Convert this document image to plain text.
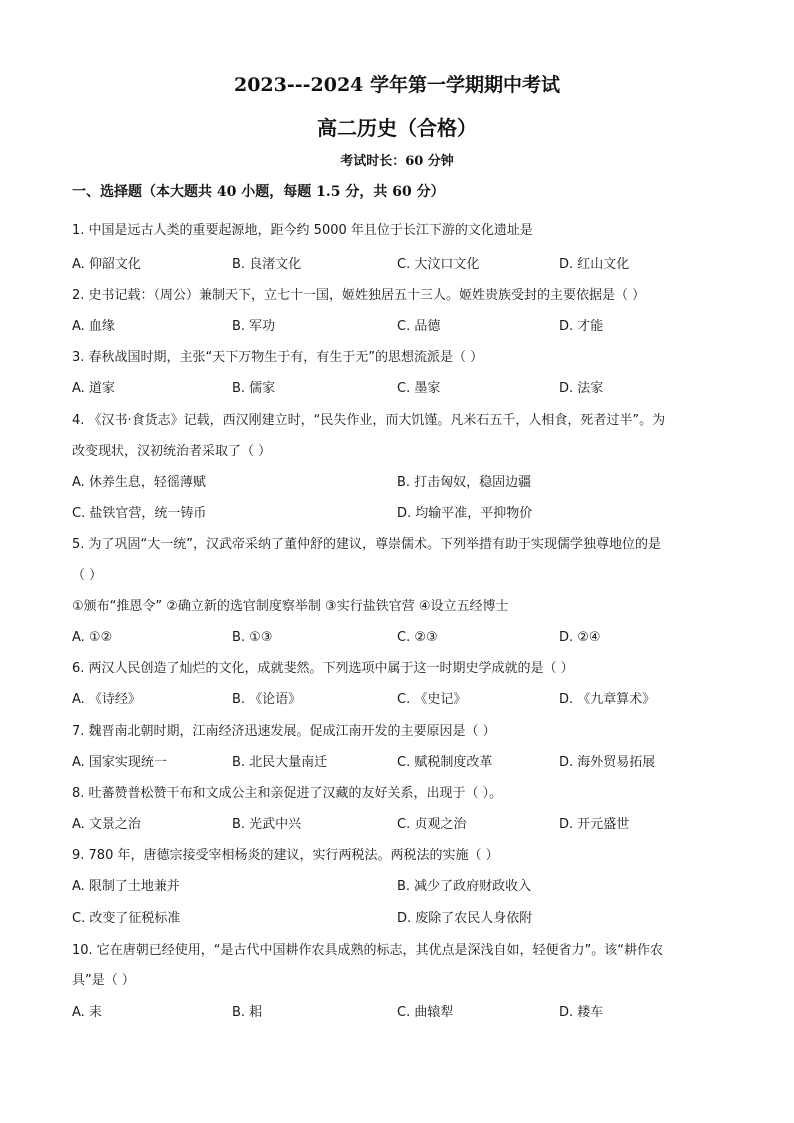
2023---2024 学年第一学期期中考试
高二历史（合格）
考试时长：60 分钟
一、选择题（本大题共 40 小题，每题 1.5 分，共 60 分）
1. 中国是远古人类的重要起源地，距今约 5000 年且位于长江下游的文化遗址是
A. 仰韶文化	B. 良渚文化	C. 大汶口文化	D. 红山文化
2. 史书记载：（周公）兼制天下，立七十一国，姬姓独居五十三人。姬姓贵族受封的主要依据是（ ）
A. 血缘	B. 军功	C. 品德	D. 才能
3. 春秋战国时期，主张“天下万物生于有，有生于无”的思想流派是（ ）
A. 道家	B. 儒家	C. 墨家	D. 法家
4. 《汉书·食货志》记载，西汉刚建立时，“民失作业，而大饥馑。凡米石五千，人相食，死者过半”。为
改变现状，汉初统治者采取了（ ）
A. 休养生息，轻徭薄赋	B. 打击匈奴，稳固边疆
C. 盐铁官营，统一铸币	D. 均输平准，平抑物价
5. 为了巩固“大一统”，汉武帝采纳了董仲舒的建议，尊崇儒术。下列举措有助于实现儒学独尊地位的是
（ ）
①颁布“推恩令” ②确立新的选官制度察举制 ③实行盐铁官营 ④设立五经博士
A. ①②	B. ①③	C. ②③	D. ②④
6. 两汉人民创造了灿烂的文化，成就斐然。下列选项中属于这一时期史学成就的是（ ）
A. 《诗经》	B. 《论语》	C. 《史记》	D. 《九章算术》
7. 魏晋南北朝时期，江南经济迅速发展。促成江南开发的主要原因是（ ）
A. 国家实现统一	B. 北民大量南迁	C. 赋税制度改革	D. 海外贸易拓展
8. 吐蕃赞普松赞干布和文成公主和亲促进了汉藏的友好关系，出现于（ ）。
A. 文景之治	B. 光武中兴	C. 贞观之治	D. 开元盛世
9. 780 年，唐德宗接受宰相杨炎的建议，实行两税法。两税法的实施（ ）
A. 限制了土地兼并	B. 减少了政府财政收入
C. 改变了征税标准	D. 废除了农民人身依附
10. 它在唐朝已经使用，“是古代中国耕作农具成熟的标志，其优点是深浅自如，轻便省力”。该“耕作农
具”是（ ）
A. 耒	B. 耜	C. 曲辕犁	D. 耧车
